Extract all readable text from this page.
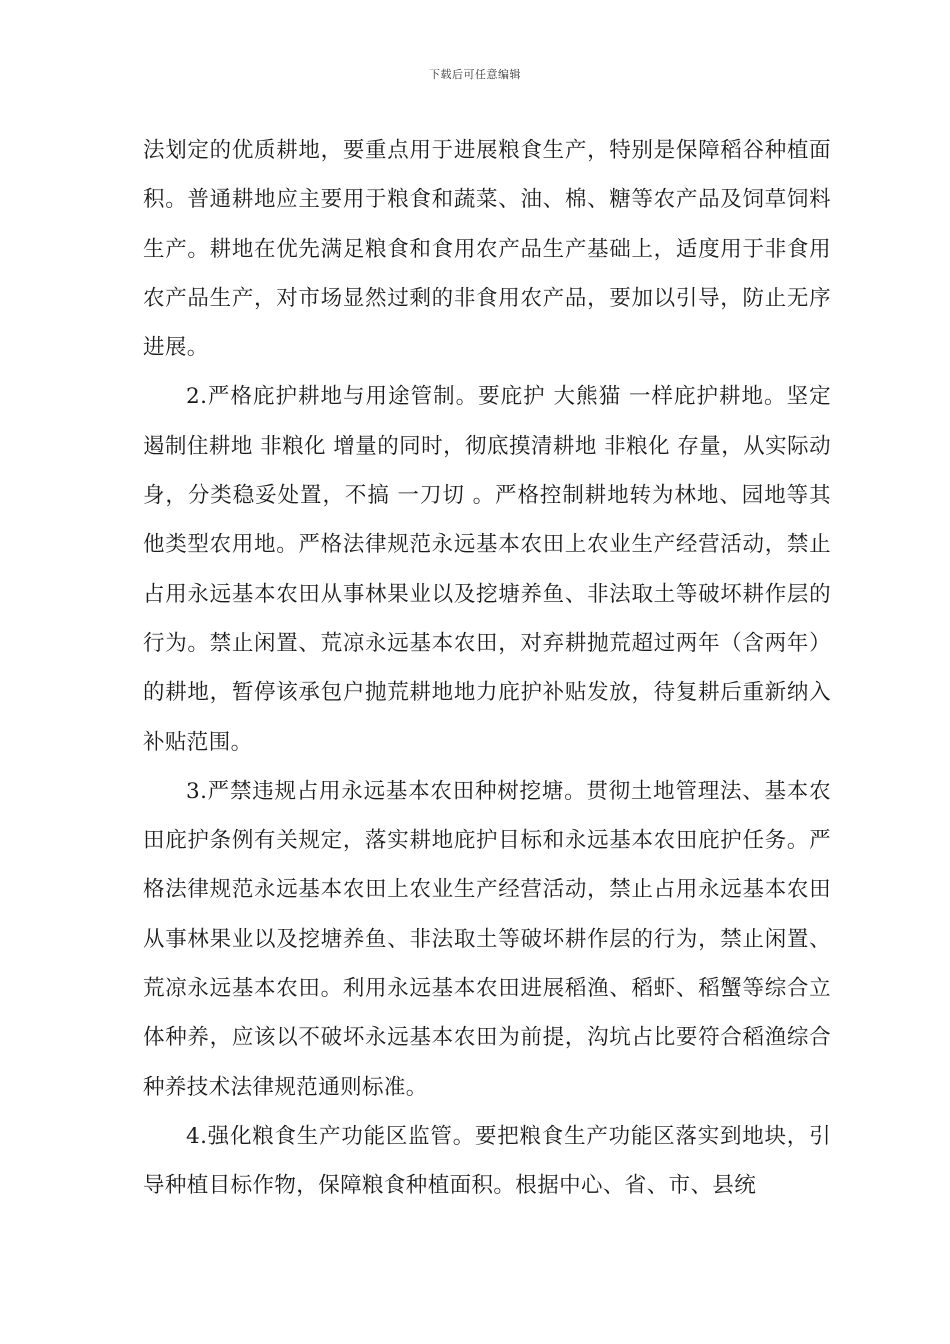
下载后可任意编辑

法划定的优质耕地，要重点用于进展粮食生产，特别是保障稻谷种植面积。普通耕地应主要用于粮食和蔬菜、油、棉、糖等农产品及饲草饲料生产。耕地在优先满足粮食和食用农产品生产基础上，适度用于非食用农产品生产，对市场显然过剩的非食用农产品，要加以引导，防止无序进展。

2.严格庇护耕地与用途管制。要庇护 大熊猫 一样庇护耕地。坚定遏制住耕地 非粮化 增量的同时，彻底摸清耕地 非粮化 存量，从实际动身，分类稳妥处置，不搞 一刀切 。严格控制耕地转为林地、园地等其他类型农用地。严格法律规范永远基本农田上农业生产经营活动，禁止占用永远基本农田从事林果业以及挖塘养鱼、非法取土等破坏耕作层的行为。禁止闲置、荒凉永远基本农田，对弃耕抛荒超过两年（含两年）的耕地，暂停该承包户抛荒耕地地力庇护补贴发放，待复耕后重新纳入补贴范围。

3.严禁违规占用永远基本农田种树挖塘。贯彻土地管理法、基本农田庇护条例有关规定，落实耕地庇护目标和永远基本农田庇护任务。严格法律规范永远基本农田上农业生产经营活动，禁止占用永远基本农田从事林果业以及挖塘养鱼、非法取土等破坏耕作层的行为，禁止闲置、荒凉永远基本农田。利用永远基本农田进展稻渔、稻虾、稻蟹等综合立体种养，应该以不破坏永远基本农田为前提，沟坑占比要符合稻渔综合种养技术法律规范通则标准。

4.强化粮食生产功能区监管。要把粮食生产功能区落实到地块，引导种植目标作物，保障粮食种植面积。根据中心、省、市、县统
